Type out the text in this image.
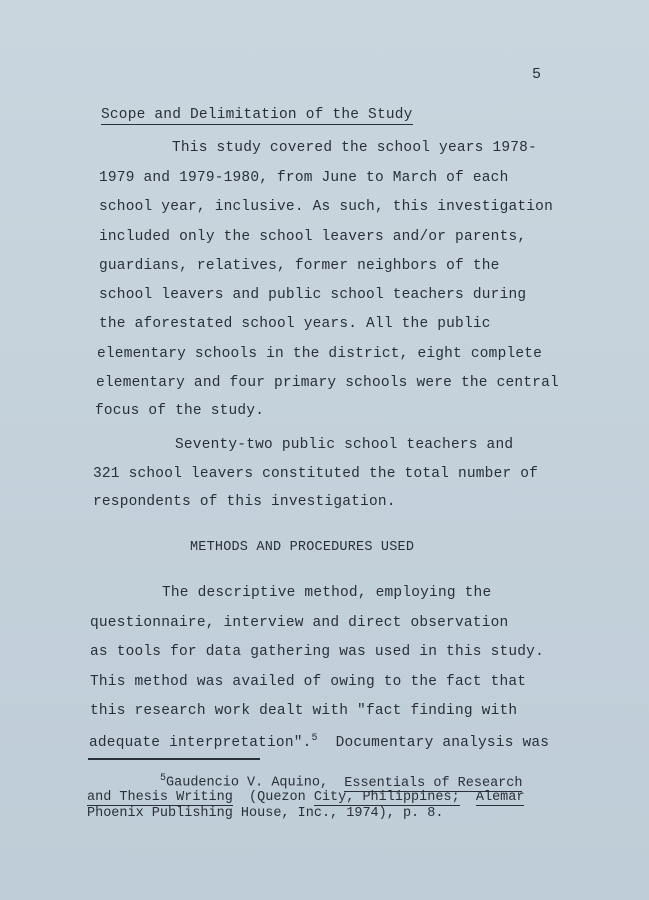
5
Scope and Delimitation of the Study
This study covered the school years 1978-
1979 and 1979-1980, from June to March of each
school year, inclusive. As such, this investigation
included only the school leavers and/or parents,
guardians, relatives, former neighbors of the
school leavers and public school teachers during
the aforestated school years. All the public
elementary schools in the district, eight complete
elementary and four primary schools were the central
focus of the study.
Seventy-two public school teachers and
321 school leavers constituted the total number of
respondents of this investigation.
METHODS AND PROCEDURES USED
The descriptive method, employing the
questionnaire, interview and direct observation
as tools for data gathering was used in this study.
This method was availed of owing to the fact that
this research work dealt with "fact finding with
adequate interpretation".$^5$ Documentary analysis was
$^5$Gaudencio V. Aquino, Essentials of Research
and Thesis Writing (Quezon City, Philippines; Alemar
Phoenix Publishing House, Inc., 1974), p. 8.
